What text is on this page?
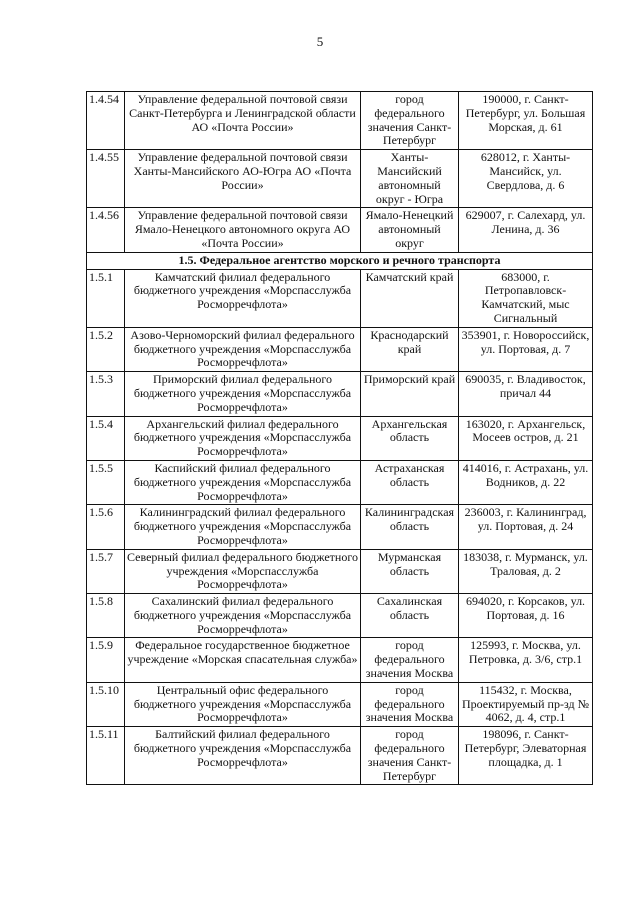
5
1.4.54	Управление федеральной почтовой связи Санкт-Петербурга и Ленинградской области АО «Почта России»	город федерального значения Санкт-Петербург	190000, г. Санкт-Петербург, ул. Большая Морская, д. 61
1.4.55	Управление федеральной почтовой связи Ханты-Мансийского АО-Югра АО «Почта России»	Ханты-Мансийский автономный округ - Югра	628012, г. Ханты-Мансийск, ул. Свердлова, д. 6
1.4.56	Управление федеральной почтовой связи Ямало-Ненецкого автономного округа АО «Почта России»	Ямало-Ненецкий автономный округ	629007, г. Салехард, ул. Ленина, д. 36
1.5. Федеральное агентство морского и речного транспорта			
1.5.1	Камчатский филиал федерального бюджетного учреждения «Морспасслужба Росморречфлота»	Камчатский край	683000, г. Петропавловск-Камчатский, мыс Сигнальный
1.5.2	Азово-Черноморский филиал федерального бюджетного учреждения «Морспасслужба Росморречфлота»	Краснодарский край	353901, г. Новороссийск, ул. Портовая, д. 7
1.5.3	Приморский филиал федерального бюджетного учреждения «Морспасслужба Росморречфлота»	Приморский край	690035, г. Владивосток, причал 44
1.5.4	Архангельский филиал федерального бюджетного учреждения «Морспасслужба Росморречфлота»	Архангельская область	163020, г. Архангельск, Мосеев остров, д. 21
1.5.5	Каспийский филиал федерального бюджетного учреждения «Морспасслужба Росморречфлота»	Астраханская область	414016, г. Астрахань, ул. Водников, д. 22
1.5.6	Калининградский филиал федерального бюджетного учреждения «Морспасслужба Росморречфлота»	Калининградская область	236003, г. Калининград, ул. Портовая, д. 24
1.5.7	Северный филиал федерального бюджетного учреждения «Морспасслужба Росморречфлота»	Мурманская область	183038, г. Мурманск, ул. Траловая, д. 2
1.5.8	Сахалинский филиал федерального бюджетного учреждения «Морспасслужба Росморречфлота»	Сахалинская область	694020, г. Корсаков, ул. Портовая, д. 16
1.5.9	Федеральное государственное бюджетное учреждение «Морская спасательная служба»	город федерального значения Москва	125993, г. Москва, ул. Петровка, д. 3/6, стр.1
1.5.10	Центральный офис федерального бюджетного учреждения «Морспасслужба Росморречфлота»	город федерального значения Москва	115432, г. Москва, Проектируемый пр-зд № 4062, д. 4, стр.1
1.5.11	Балтийский филиал федерального бюджетного учреждения «Морспасслужба Росморречфлота»	город федерального значения Санкт-Петербург	198096, г. Санкт-Петербург, Элеваторная площадка, д. 1
